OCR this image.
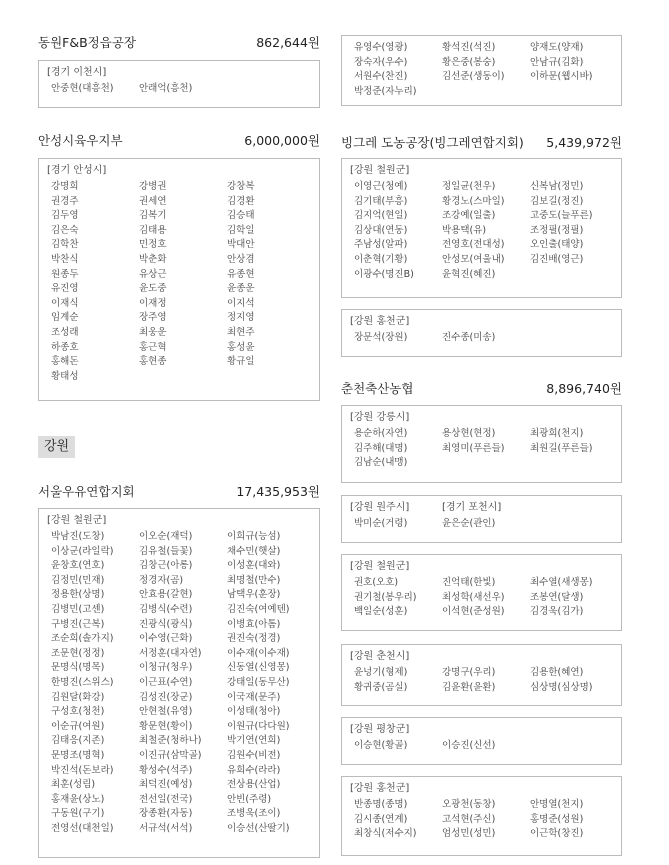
동원F&B정읍공장	862,644원
[경기 이천시]
안중현(대흥천)	안래억(흥천)
안성시육우지부	6,000,000원
[경기 안성시]
강명희	강병권	강창복
권경주	권세연	김경환
김두영	김복기	김승태
김은숙	김태용	김학일
김학찬	민정호	박대안
박찬식	박춘화	안상겸
원종두	유상근	유종현
유진영	윤도중	윤종운
이재식	이재정	이지석
임계순	장주영	정지영
조성래	최웅운	최현주
하종호	홍근혁	홍성윤
홍해돈	홍현종	황규일
황태성
서울우유연합지회	17,435,953원
[강원 철원군]
박남진(도창)	이오순(재덕)	이희규(능섬)
이상군(라일락)	김유철(들꽃)	채수민(햇살)
윤창호(연호)	김창근(아롱)	이성훈(대와)
김정민(민재)	정경자(곰)	최명철(만수)
정용한(상명)	안효용(갈현)	남택우(훈장)
김병민(고센)	김병식(수련)	김진숙(여예텐)
구병진(근복)	진광식(광식)	이병효(아톰)
조순희(솔가지)	이수영(근화)	권진숙(정경)
조문현(정정)	서정훈(대자연)	이수재(이수재)
문명식(명목)	이청규(청우)	신동열(신영몽)
한명진(스위스)	이근표(수연)	강태일(동무산)
김원달(화강)	김성진(장군)	이국재(문주)
구성호(청천)	안현철(유영)	이성태(청아)
이순규(여원)	황문현(황이)	이원규(다다원)
김태응(지존)	최철준(청하나)	박기연(연희)
문명조(명혁)	이진규(삼막골)	김원수(비전)
박진석(돈보라)	황성수(석주)	유희수(라라)
최훈(성림)	최덕진(예성)	전상용(산업)
홍재윤(상노)	전선일(전국)	안빈(주령)
구동원(구기)	장종환(자동)	조병욱(조이)
전영선(대천일)	서규석(서석)	이승선(산딸기)
강원
유영수(영광)	황석진(석진)	양재도(양재)
장숙자(우수)	황은중(봉숭)	안남규(김화)
서원수(찬진)	김선준(생동이)	이하문(웹시바)
박정준(자누리)
빙그레 도농공장(빙그레연합지회) 5,439,972원
[강원 철원군]
이영근(청예)	정일균(천우)	신복남(정민)
김기태(부흥)	황경노(스마일)	김보길(정진)
김지억(현일)	조강예(일출)	고중도(늘푸른)
김상대(연동)	박용택(유)	조정필(정필)
주남성(알파)	전영호(전대성)	오인출(태양)
이춘혁(기황)	안성모(여울내)	김진배(영근)
이광수(명진B)	윤혁진(혜진)
[강원 홍천군]
장문석(장원)	진수종(미송)
춘천축산농협	8,896,740원
[강원 강릉시]
용순하(자연)	용상현(현정)	최광희(천지)
김주해(대명)	최영미(푸른들)	최원길(푸른들)
김남순(내맹)
[강원 원주시]	[경기 포천시]
박미순(거령)	윤은순(관인)
[강원 철원군]
권호(오호)	진억태(한빛)	최수열(새생몽)
권기철(봉우리)	최성학(새선우)	조봉연(달생)
백일순(성훈)	이석현(준성원)	김경욱(김가)
[강원 춘천시]
윤넝기(형제)	강명구(우리)	김용한(혜연)
황귀중(곰실)	김윤환(윤환)	심상명(심상명)
[강원 평창군]
이승현(황골)	이승진(신선)
[강원 홍천군]
반종명(종명)	오광천(동창)	안명열(천지)
김시종(연계)	고석현(주신)	홍명준(성원)
최창식(저수지)	엄성민(성민)	이근학(창진)
